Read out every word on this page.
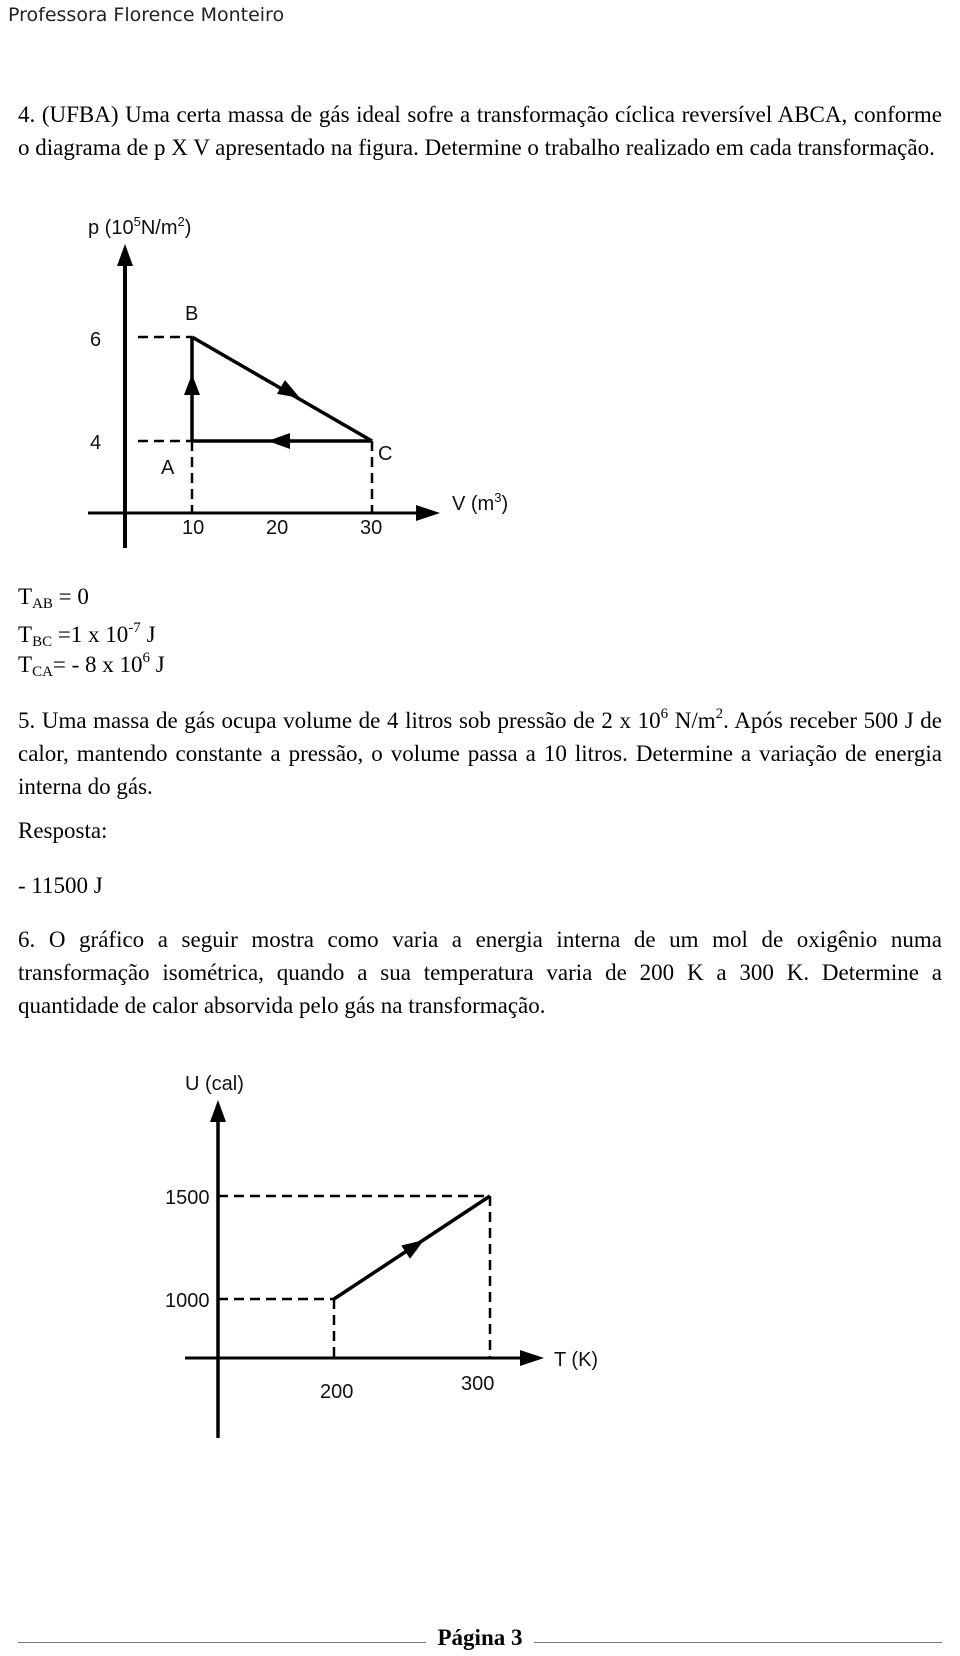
Professora Florence Monteiro
4. (UFBA) Uma certa massa de gás ideal sofre a transformação cíclica reversível ABCA, conforme o diagrama de p X V apresentado na figura. Determine o trabalho realizado em cada transformação.
p $(10^5N/m^2)$
V $(m^3)$
6
4
10	20	30
A
B
C
$T_{AB} = 0$
$T_{BC} =1$ x $10^{-7}$ J
$T_{CA}= - 8$ x $10^6$ J
5. Uma massa de gás ocupa volume de 4 litros sob pressão de 2 x $10^6$ $N/m^2$. Após receber 500 J de calor, mantendo constante a pressão, o volume passa a 10 litros. Determine a variação de energia interna do gás.
Resposta:
- 11500 J
6. O gráfico a seguir mostra como varia a energia interna de um mol de oxigênio numa transformação isométrica, quando a sua temperatura varia de 200 K a 300 K. Determine a quantidade de calor absorvida pelo gás na transformação.
U (cal)
T (K)
1500
1000
200	300
Página 3
